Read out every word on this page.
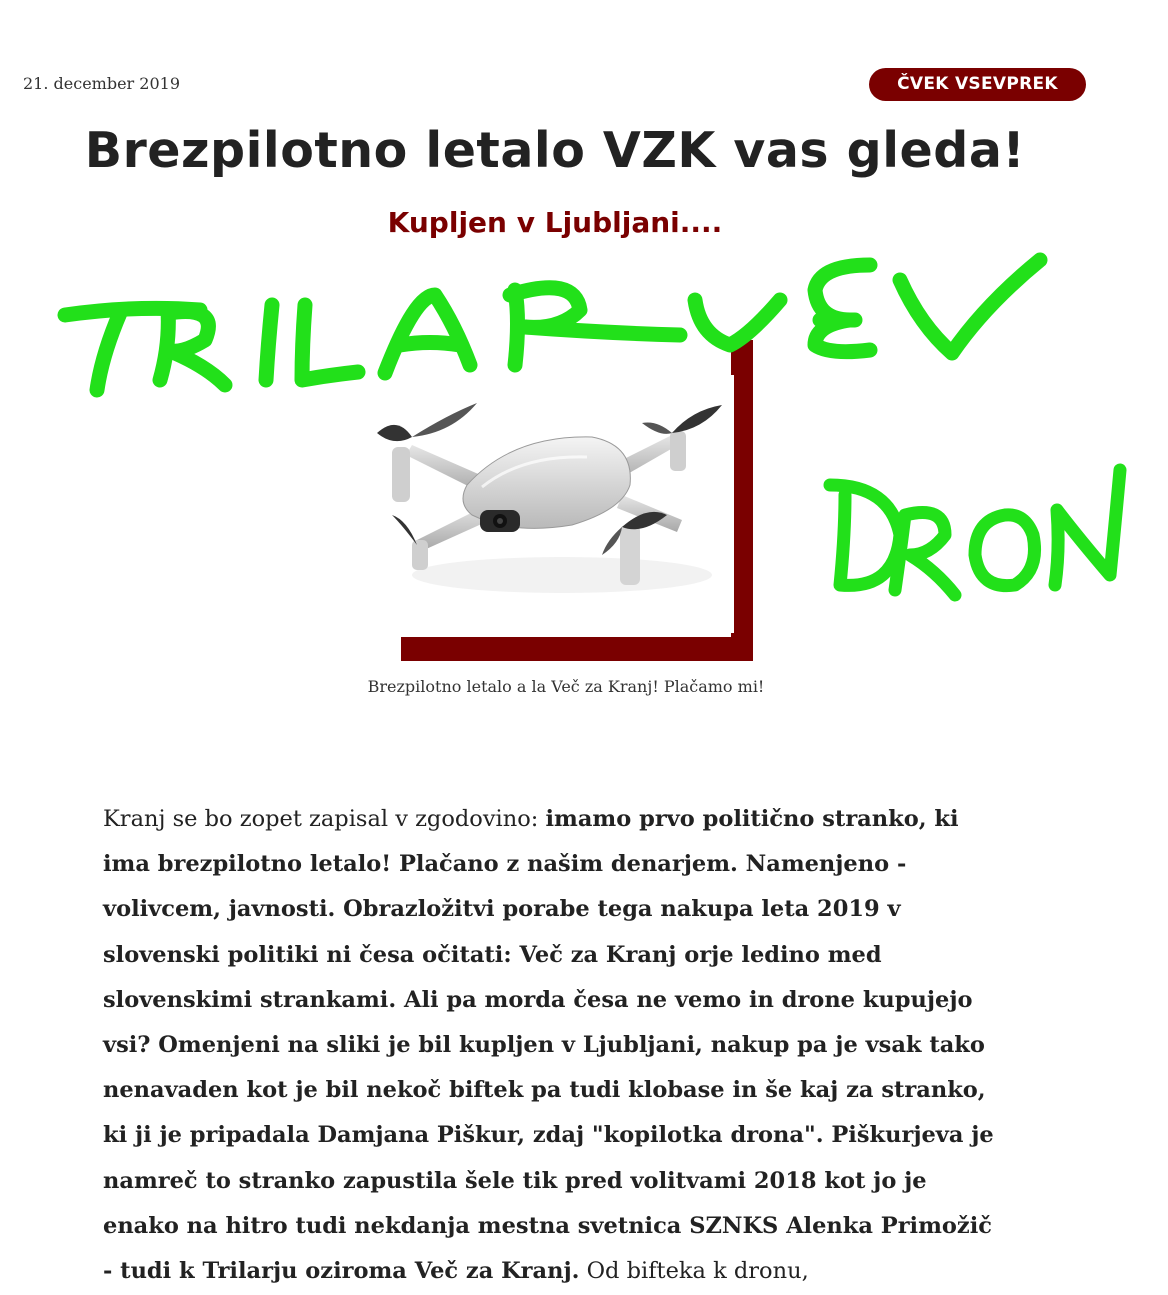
21. december 2019	ČVEK VSEVPREK
Brezpilotno letalo VZK vas gleda!
Kupljen v Ljubljani....
Brezpilotno letalo a la Več za Kranj! Plačamo mi!

Kranj se bo zopet zapisal v zgodovino: imamo prvo politično stranko, ki ima brezpilotno letalo! Plačano z našim denarjem. Namenjeno - volivcem, javnosti. Obrazložitvi porabe tega nakupa leta 2019 v slovenski politiki ni česa očitati: Več za Kranj orje ledino med slovenskimi strankami. Ali pa morda česa ne vemo in drone kupujejo vsi? Omenjeni na sliki je bil kupljen v Ljubljani, nakup pa je vsak tako nenavaden kot je bil nekoč biftek pa tudi klobase in še kaj za stranko, ki ji je pripadala Damjana Piškur, zdaj "kopilotka drona". Piškurjeva je namreč to stranko zapustila šele tik pred volitvami 2018 kot jo je enako na hitro tudi nekdanja mestna svetnica SZNKS Alenka Primožič - tudi k Trilarju oziroma Več za Kranj. Od bifteka k dronu,
